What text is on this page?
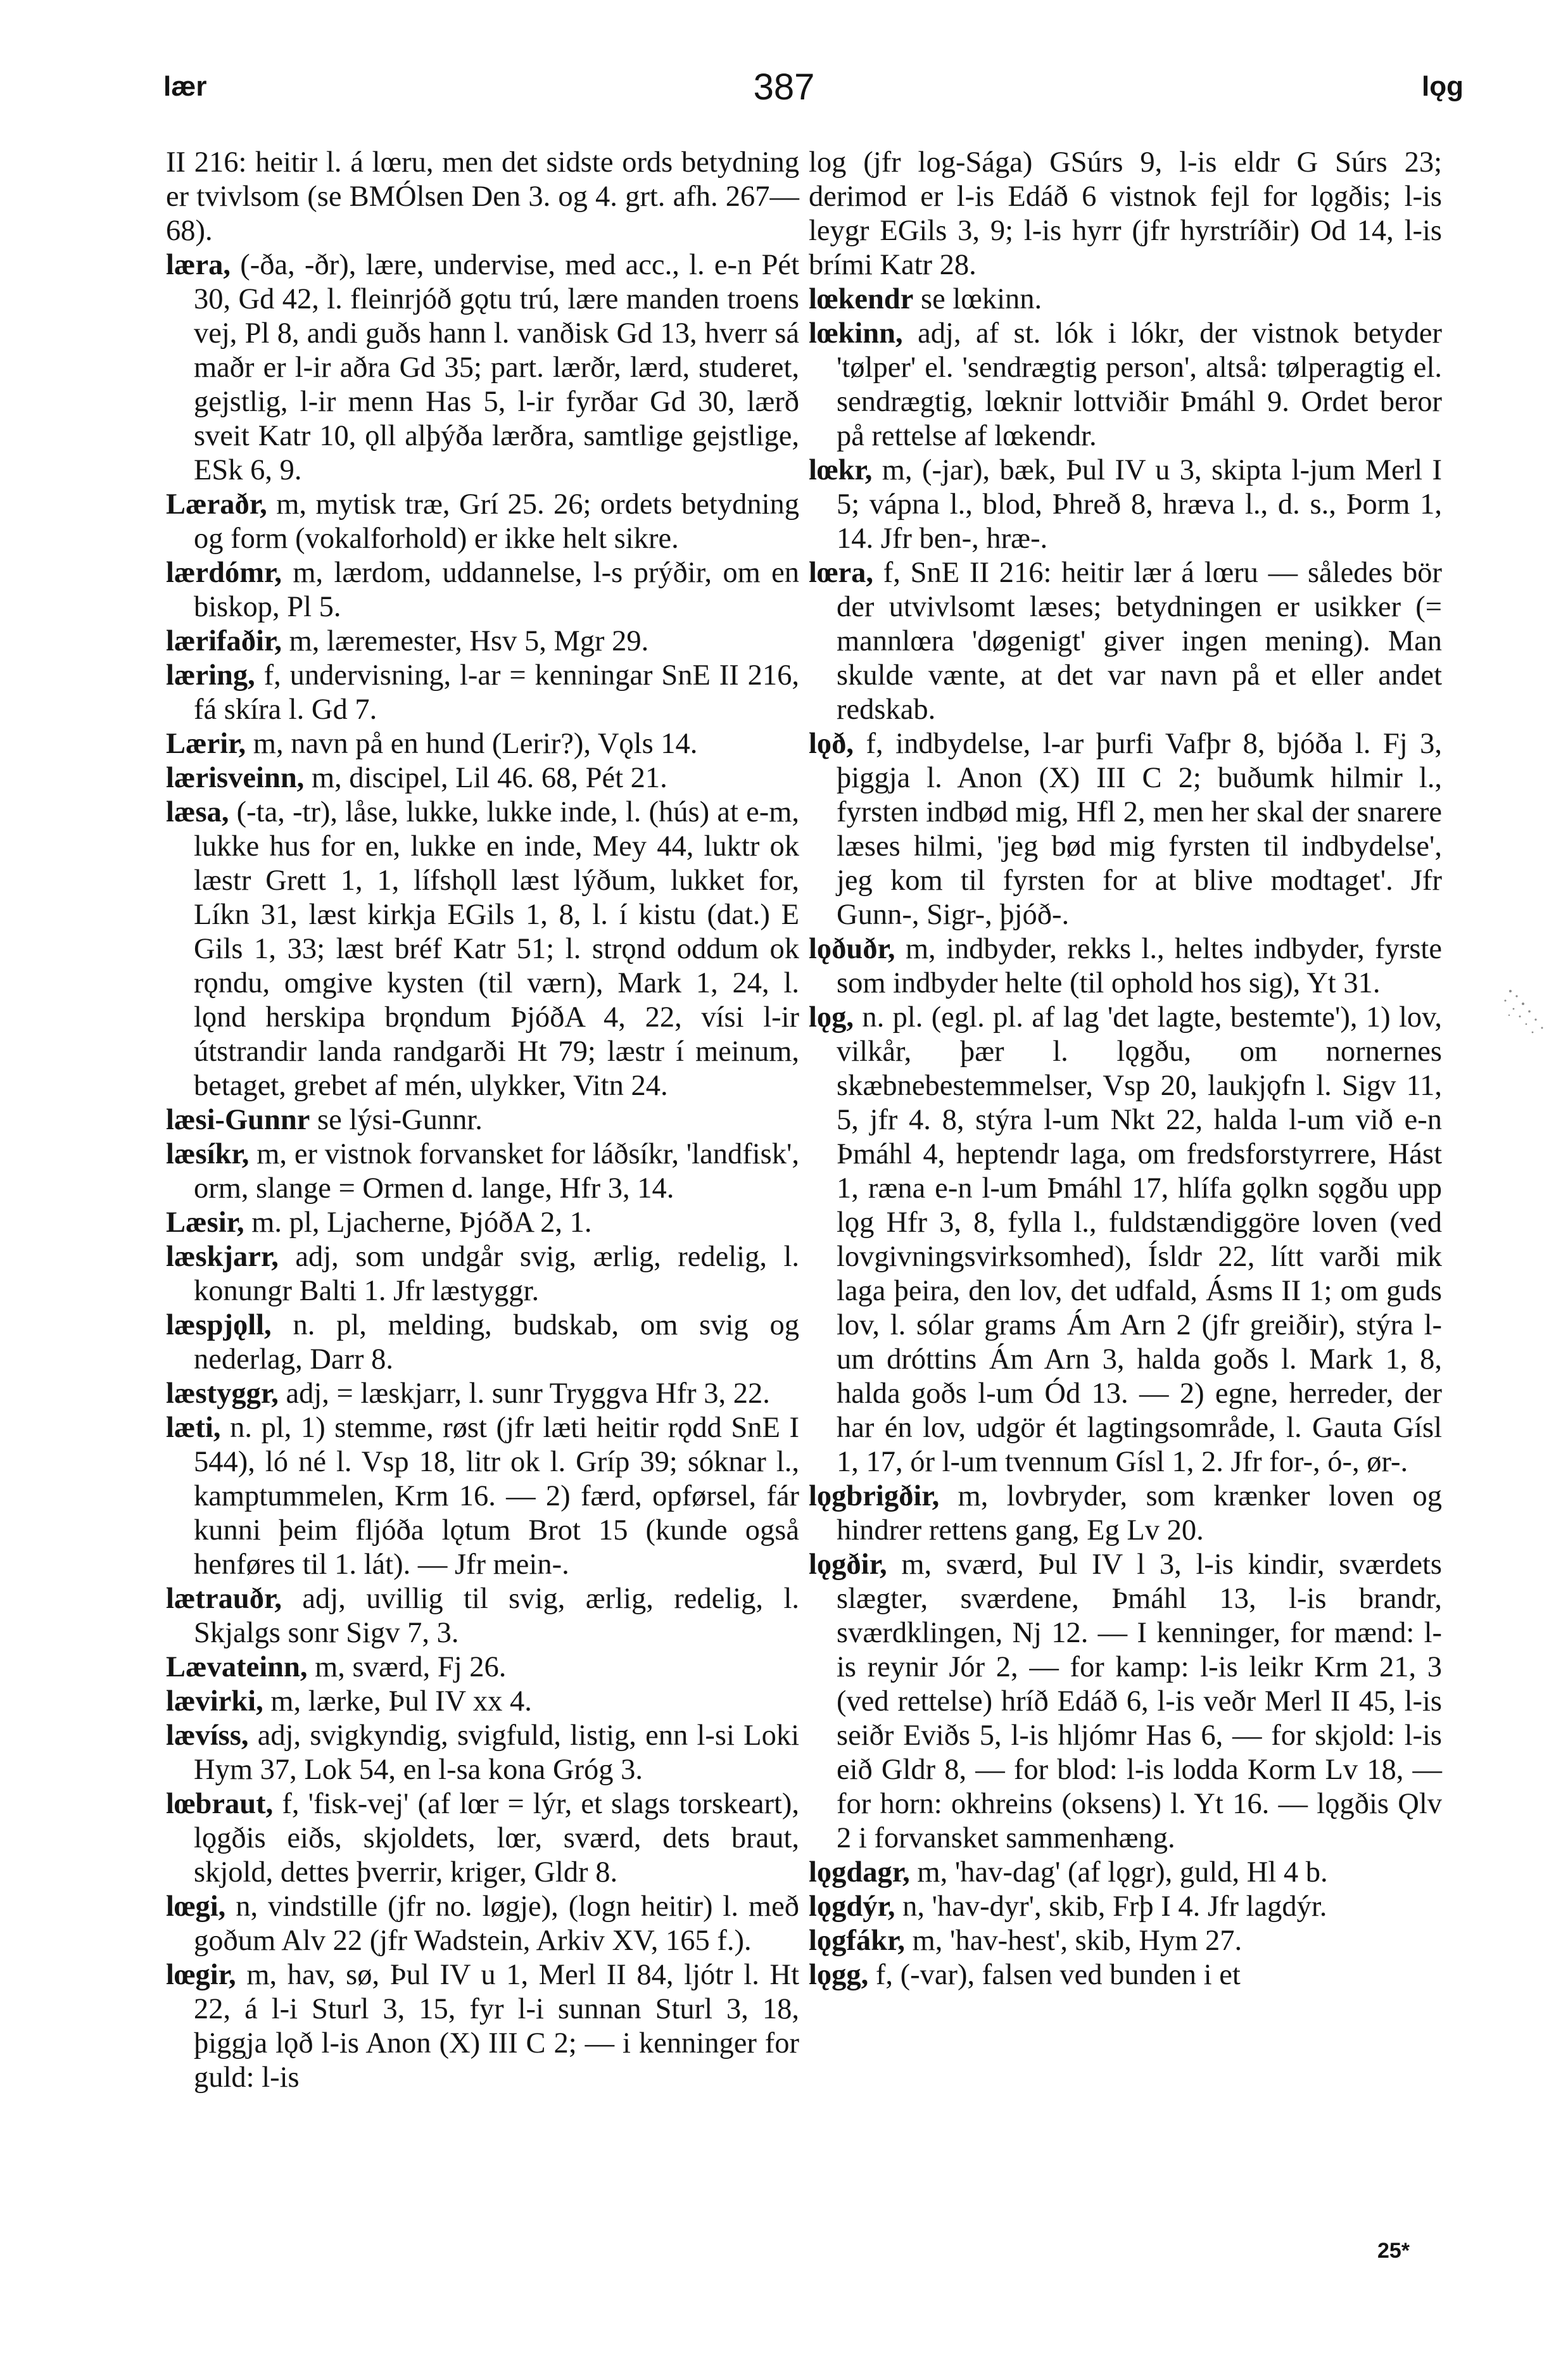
lær	387	lǫg

II 216: heitir l. á lœru, men det sidste ords betydning er tvivlsom (se BMÓlsen Den 3. og 4. grt. afh. 267—68).

læra, (-ða, -ðr), lære, undervise, med acc., l. e-n Pét 30, Gd 42, l. fleinrjóð gǫtu trú, lære manden troens vej, Pl 8, andi guðs hann l. vanðisk Gd 13, hverr sá maðr er l-ir aðra Gd 35; part. lærðr, lærd, studeret, gejstlig, l-ir menn Has 5, l-ir fyrðar Gd 30, lærð sveit Katr 10, ǫll alþýða lærðra, samtlige gejstlige, ESk 6, 9.

Læraðr, m, mytisk træ, Grí 25. 26; ordets betydning og form (vokalforhold) er ikke helt sikre.

lærdómr, m, lærdom, uddannelse, l-s prýðir, om en biskop, Pl 5.

lærifaðir, m, læremester, Hsv 5, Mgr 29.

læring, f, undervisning, l-ar = kenningar SnE II 216, fá skíra l. Gd 7.

Lærir, m, navn på en hund (Lerir?), Vǫls 14.

lærisveinn, m, discipel, Lil 46. 68, Pét 21.

læsa, (-ta, -tr), låse, lukke, lukke inde, l. (hús) at e-m, lukke hus for en, lukke en inde, Mey 44, luktr ok læstr Grett 1, 1, lífshǫll læst lýðum, lukket for, Líkn 31, læst kirkja EGils 1, 8, l. í kistu (dat.) E Gils 1, 33; læst bréf Katr 51; l. strǫnd oddum ok rǫndu, omgive kysten (til værn), Mark 1, 24, l. lǫnd herskipa brǫndum ÞjóðA 4, 22, vísi l-ir útstrandir landa randgarði Ht 79; læstr í meinum, betaget, grebet af mén, ulykker, Vitn 24.

læsi-Gunnr se lýsi-Gunnr.

læsíkr, m, er vistnok forvansket for láðsíkr, 'landfisk', orm, slange = Ormen d. lange, Hfr 3, 14.

Læsir, m. pl, Ljacherne, ÞjóðA 2, 1.

læskjarr, adj, som undgår svig, ærlig, redelig, l. konungr Balti 1. Jfr læstyggr.

læspjǫll, n. pl, melding, budskab, om svig og nederlag, Darr 8.

læstyggr, adj, = læskjarr, l. sunr Tryggva Hfr 3, 22.

læti, n. pl, 1) stemme, røst (jfr læti heitir rǫdd SnE I 544), ló né l. Vsp 18, litr ok l. Gríp 39; sóknar l., kamptummelen, Krm 16. — 2) færd, opførsel, fár kunni þeim fljóða lǫtum Brot 15 (kunde også henføres til 1. lát). — Jfr mein-.

lætrauðr, adj, uvillig til svig, ærlig, redelig, l. Skjalgs sonr Sigv 7, 3.

Lævateinn, m, sværd, Fj 26.

lævirki, m, lærke, Þul IV xx 4.

lævíss, adj, svigkyndig, svigfuld, listig, enn l-si Loki Hym 37, Lok 54, en l-sa kona Gróg 3.

lœbraut, f, 'fisk-vej' (af lœr = lýr, et slags torskeart), lǫgðis eiðs, skjoldets, lœr, sværd, dets braut, skjold, dettes þverrir, kriger, Gldr 8.

lœgi, n, vindstille (jfr no. løgje), (logn heitir) l. með goðum Alv 22 (jfr Wadstein, Arkiv XV, 165 f.).

lœgir, m, hav, sø, Þul IV u 1, Merl II 84, ljótr l. Ht 22, á l-i Sturl 3, 15, fyr l-i sunnan Sturl 3, 18, þiggja lǫð l-is Anon (X) III C 2; — i kenninger for guld: l-is

log (jfr log-Sága) GSúrs 9, l-is eldr G Súrs 23; derimod er l-is Edáð 6 vistnok fejl for lǫgðis; l-is leygr EGils 3, 9; l-is hyrr (jfr hyrstríðir) Od 14, l-is brími Katr 28.

lœkendr se lœkinn.

lœkinn, adj, af st. lók i lókr, der vistnok betyder 'tølper' el. 'sendrægtig person', altså: tølperagtig el. sendrægtig, lœknir lottviðir Þmáhl 9. Ordet beror på rettelse af lœkendr.

lœkr, m, (-jar), bæk, Þul IV u 3, skipta l-jum Merl I 5; vápna l., blod, Þhreð 8, hræva l., d. s., Þorm 1, 14. Jfr ben-, hræ-.

lœra, f, SnE II 216: heitir lær á lœru — således bör der utvivlsomt læses; betydningen er usikker (= mannlœra 'døgenigt' giver ingen mening). Man skulde vænte, at det var navn på et eller andet redskab.

lǫð, f, indbydelse, l-ar þurfi Vafþr 8, bjóða l. Fj 3, þiggja l. Anon (X) III C 2; buðumk hilmir l., fyrsten indbød mig, Hfl 2, men her skal der snarere læses hilmi, 'jeg bød mig fyrsten til indbydelse', jeg kom til fyrsten for at blive modtaget'. Jfr Gunn-, Sigr-, þjóð-.

lǫðuðr, m, indbyder, rekks l., heltes indbyder, fyrste som indbyder helte (til ophold hos sig), Yt 31.

lǫg, n. pl. (egl. pl. af lag 'det lagte, bestemte'), 1) lov, vilkår, þær l. lǫgðu, om nornernes skæbnebestemmelser, Vsp 20, laukjǫfn l. Sigv 11, 5, jfr 4. 8, stýra l-um Nkt 22, halda l-um við e-n Þmáhl 4, heptendr laga, om fredsforstyrrere, Hást 1, ræna e-n l-um Þmáhl 17, hlífa gǫlkn sǫgðu upp lǫg Hfr 3, 8, fylla l., fuldstændiggöre loven (ved lovgivningsvirksomhed), Ísldr 22, lítt varði mik laga þeira, den lov, det udfald, Ásms II 1; om guds lov, l. sólar grams Ám Arn 2 (jfr greiðir), stýra l-um dróttins Ám Arn 3, halda goðs l. Mark 1, 8, halda goðs l-um Ód 13. — 2) egne, herreder, der har én lov, udgör ét lagtingsområde, l. Gauta Gísl 1, 17, ór l-um tvennum Gísl 1, 2. Jfr for-, ó-, ør-.

lǫgbrigðir, m, lovbryder, som krænker loven og hindrer rettens gang, Eg Lv 20.

lǫgðir, m, sværd, Þul IV l 3, l-is kindir, sværdets slægter, sværdene, Þmáhl 13, l-is brandr, sværdklingen, Nj 12. — I kenninger, for mænd: l-is reynir Jór 2, — for kamp: l-is leikr Krm 21, 3 (ved rettelse) hríð Edáð 6, l-is veðr Merl II 45, l-is seiðr Eviðs 5, l-is hljómr Has 6, — for skjold: l-is eið Gldr 8, — for blod: l-is lodda Korm Lv 18, — for horn: okhreins (oksens) l. Yt 16. — lǫgðis Ǫlv 2 i forvansket sammenhæng.

lǫgdagr, m, 'hav-dag' (af lǫgr), guld, Hl 4 b.

lǫgdýr, n, 'hav-dyr', skib, Frþ I 4. Jfr lagdýr.

lǫgfákr, m, 'hav-hest', skib, Hym 27.

lǫgg, f, (-var), falsen ved bunden i et

25*
